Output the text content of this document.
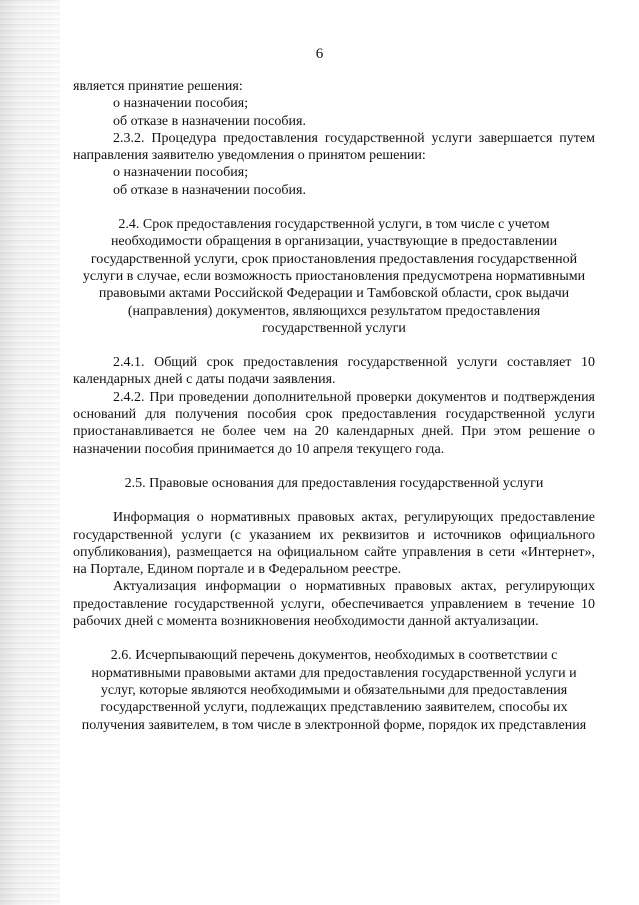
6

является принятие решения:

о назначении пособия;

об отказе в назначении пособия.

2.3.2. Процедура предоставления государственной услуги завершается путем направления заявителю уведомления о принятом решении:

о назначении пособия;

об отказе в назначении пособия.

2.4. Срок предоставления государственной услуги, в том числе с учетом необходимости обращения в организации, участвующие в предоставлении государственной услуги, срок приостановления предоставления государственной услуги в случае, если возможность приостановления предусмотрена нормативными правовыми актами Российской Федерации и Тамбовской области, срок выдачи (направления) документов, являющихся результатом предоставления государственной услуги

2.4.1. Общий срок предоставления государственной услуги составляет 10 календарных дней с даты подачи заявления.

2.4.2. При проведении дополнительной проверки документов и подтверждения оснований для получения пособия срок предоставления государственной услуги приостанавливается не более чем на 20 календарных дней. При этом решение о назначении пособия принимается до 10 апреля текущего года.

2.5. Правовые основания для предоставления государственной услуги

Информация о нормативных правовых актах, регулирующих предоставление государственной услуги (с указанием их реквизитов и источников официального опубликования), размещается на официальном сайте управления в сети «Интернет», на Портале, Едином портале и в Федеральном реестре.

Актуализация информации о нормативных правовых актах, регулирующих предоставление государственной услуги, обеспечивается управлением в течение 10 рабочих дней с момента возникновения необходимости данной актуализации.

2.6. Исчерпывающий перечень документов, необходимых в соответствии с нормативными правовыми актами для предоставления государственной услуги и услуг, которые являются необходимыми и обязательными для предоставления государственной услуги, подлежащих представлению заявителем, способы их получения заявителем, в том числе в электронной форме, порядок их представления
